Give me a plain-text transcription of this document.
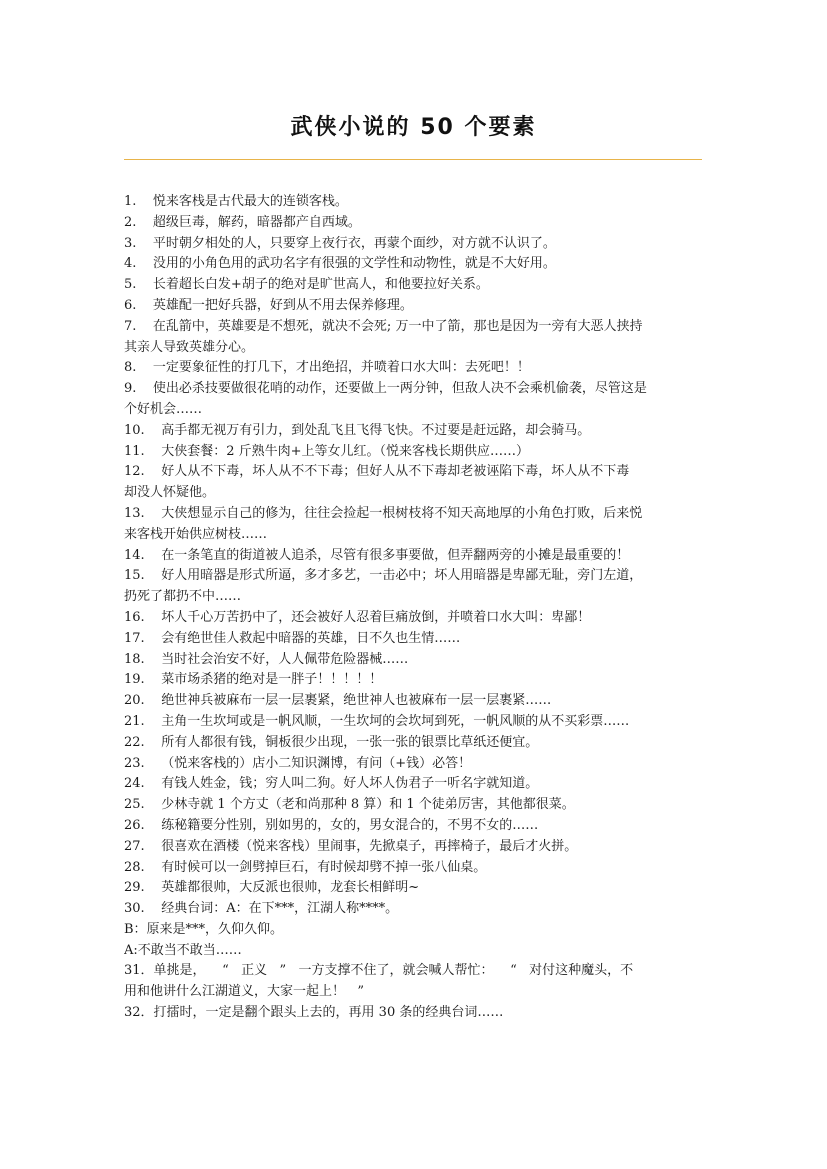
武侠小说的 50 个要素
1.    悦来客栈是古代最大的连锁客栈。
2.    超级巨毒，解药，暗器都产自西域。
3.    平时朝夕相处的人，只要穿上夜行衣，再蒙个面纱，对方就不认识了。
4.    没用的小角色用的武功名字有很强的文学性和动物性，就是不大好用。
5.    长着超长白发+胡子的绝对是旷世高人，和他要拉好关系。
6.    英雄配一把好兵器，好到从不用去保养修理。
7.    在乱箭中，英雄要是不想死，就决不会死; 万一中了箭，那也是因为一旁有大恶人挟持
其亲人导致英雄分心。
8.    一定要象征性的打几下，才出绝招，并喷着口水大叫：去死吧！！
9.    使出必杀技要做很花哨的动作，还要做上一两分钟，但敌人决不会乘机偷袭，尽管这是
个好机会……
10.    高手都无视万有引力，到处乱飞且飞得飞快。不过要是赶远路，却会骑马。
11.    大侠套餐：2 斤熟牛肉+上等女儿红。（悦来客栈长期供应……）
12.    好人从不下毒，坏人从不不下毒；但好人从不下毒却老被诬陷下毒，坏人从不下毒
却没人怀疑他。
13.    大侠想显示自己的修为，往往会捡起一根树枝将不知天高地厚的小角色打败，后来悦
来客栈开始供应树枝……
14.    在一条笔直的街道被人追杀，尽管有很多事要做，但弄翻两旁的小摊是最重要的！
15.    好人用暗器是形式所逼，多才多艺，一击必中；坏人用暗器是卑鄙无耻，旁门左道，
扔死了都扔不中……
16.    坏人千心万苦扔中了，还会被好人忍着巨痛放倒，并喷着口水大叫：卑鄙！
17.    会有绝世佳人救起中暗器的英雄，日不久也生情……
18.    当时社会治安不好，人人佩带危险器械……
19.    菜市场杀猪的绝对是一胖子！！！！！
20.    绝世神兵被麻布一层一层裹紧，绝世神人也被麻布一层一层裹紧……
21.    主角一生坎坷或是一帆风顺，一生坎坷的会坎坷到死，一帆风顺的从不买彩票……
22.    所有人都很有钱，铜板很少出现，一张一张的银票比草纸还便宜。
23.    （悦来客栈的）店小二知识渊博，有问（+钱）必答！
24.    有钱人姓金，钱；穷人叫二狗。好人坏人伪君子一听名字就知道。
25.    少林寺就 1 个方丈（老和尚那种 8 算）和 1 个徒弟厉害，其他都很菜。
26.    练秘籍要分性别，别如男的，女的，男女混合的，不男不女的……
27.    很喜欢在酒楼（悦来客栈）里闹事，先掀桌子，再摔椅子，最后才火拼。
28.    有时候可以一剑劈掉巨石，有时候却劈不掉一张八仙桌。
29.    英雄都很帅，大反派也很帅，龙套长相鲜明~
30.    经典台词：A：在下***，江湖人称****。
B：原来是***，久仰久仰。
A:不敢当不敢当……
31．单挑是，    “   正义   ”   一方支撑不住了，就会喊人帮忙：    “   对付这种魔头，不
用和他讲什么江湖道义，大家一起上！   ”
32．打擂时，一定是翻个跟头上去的，再用 30 条的经典台词……
